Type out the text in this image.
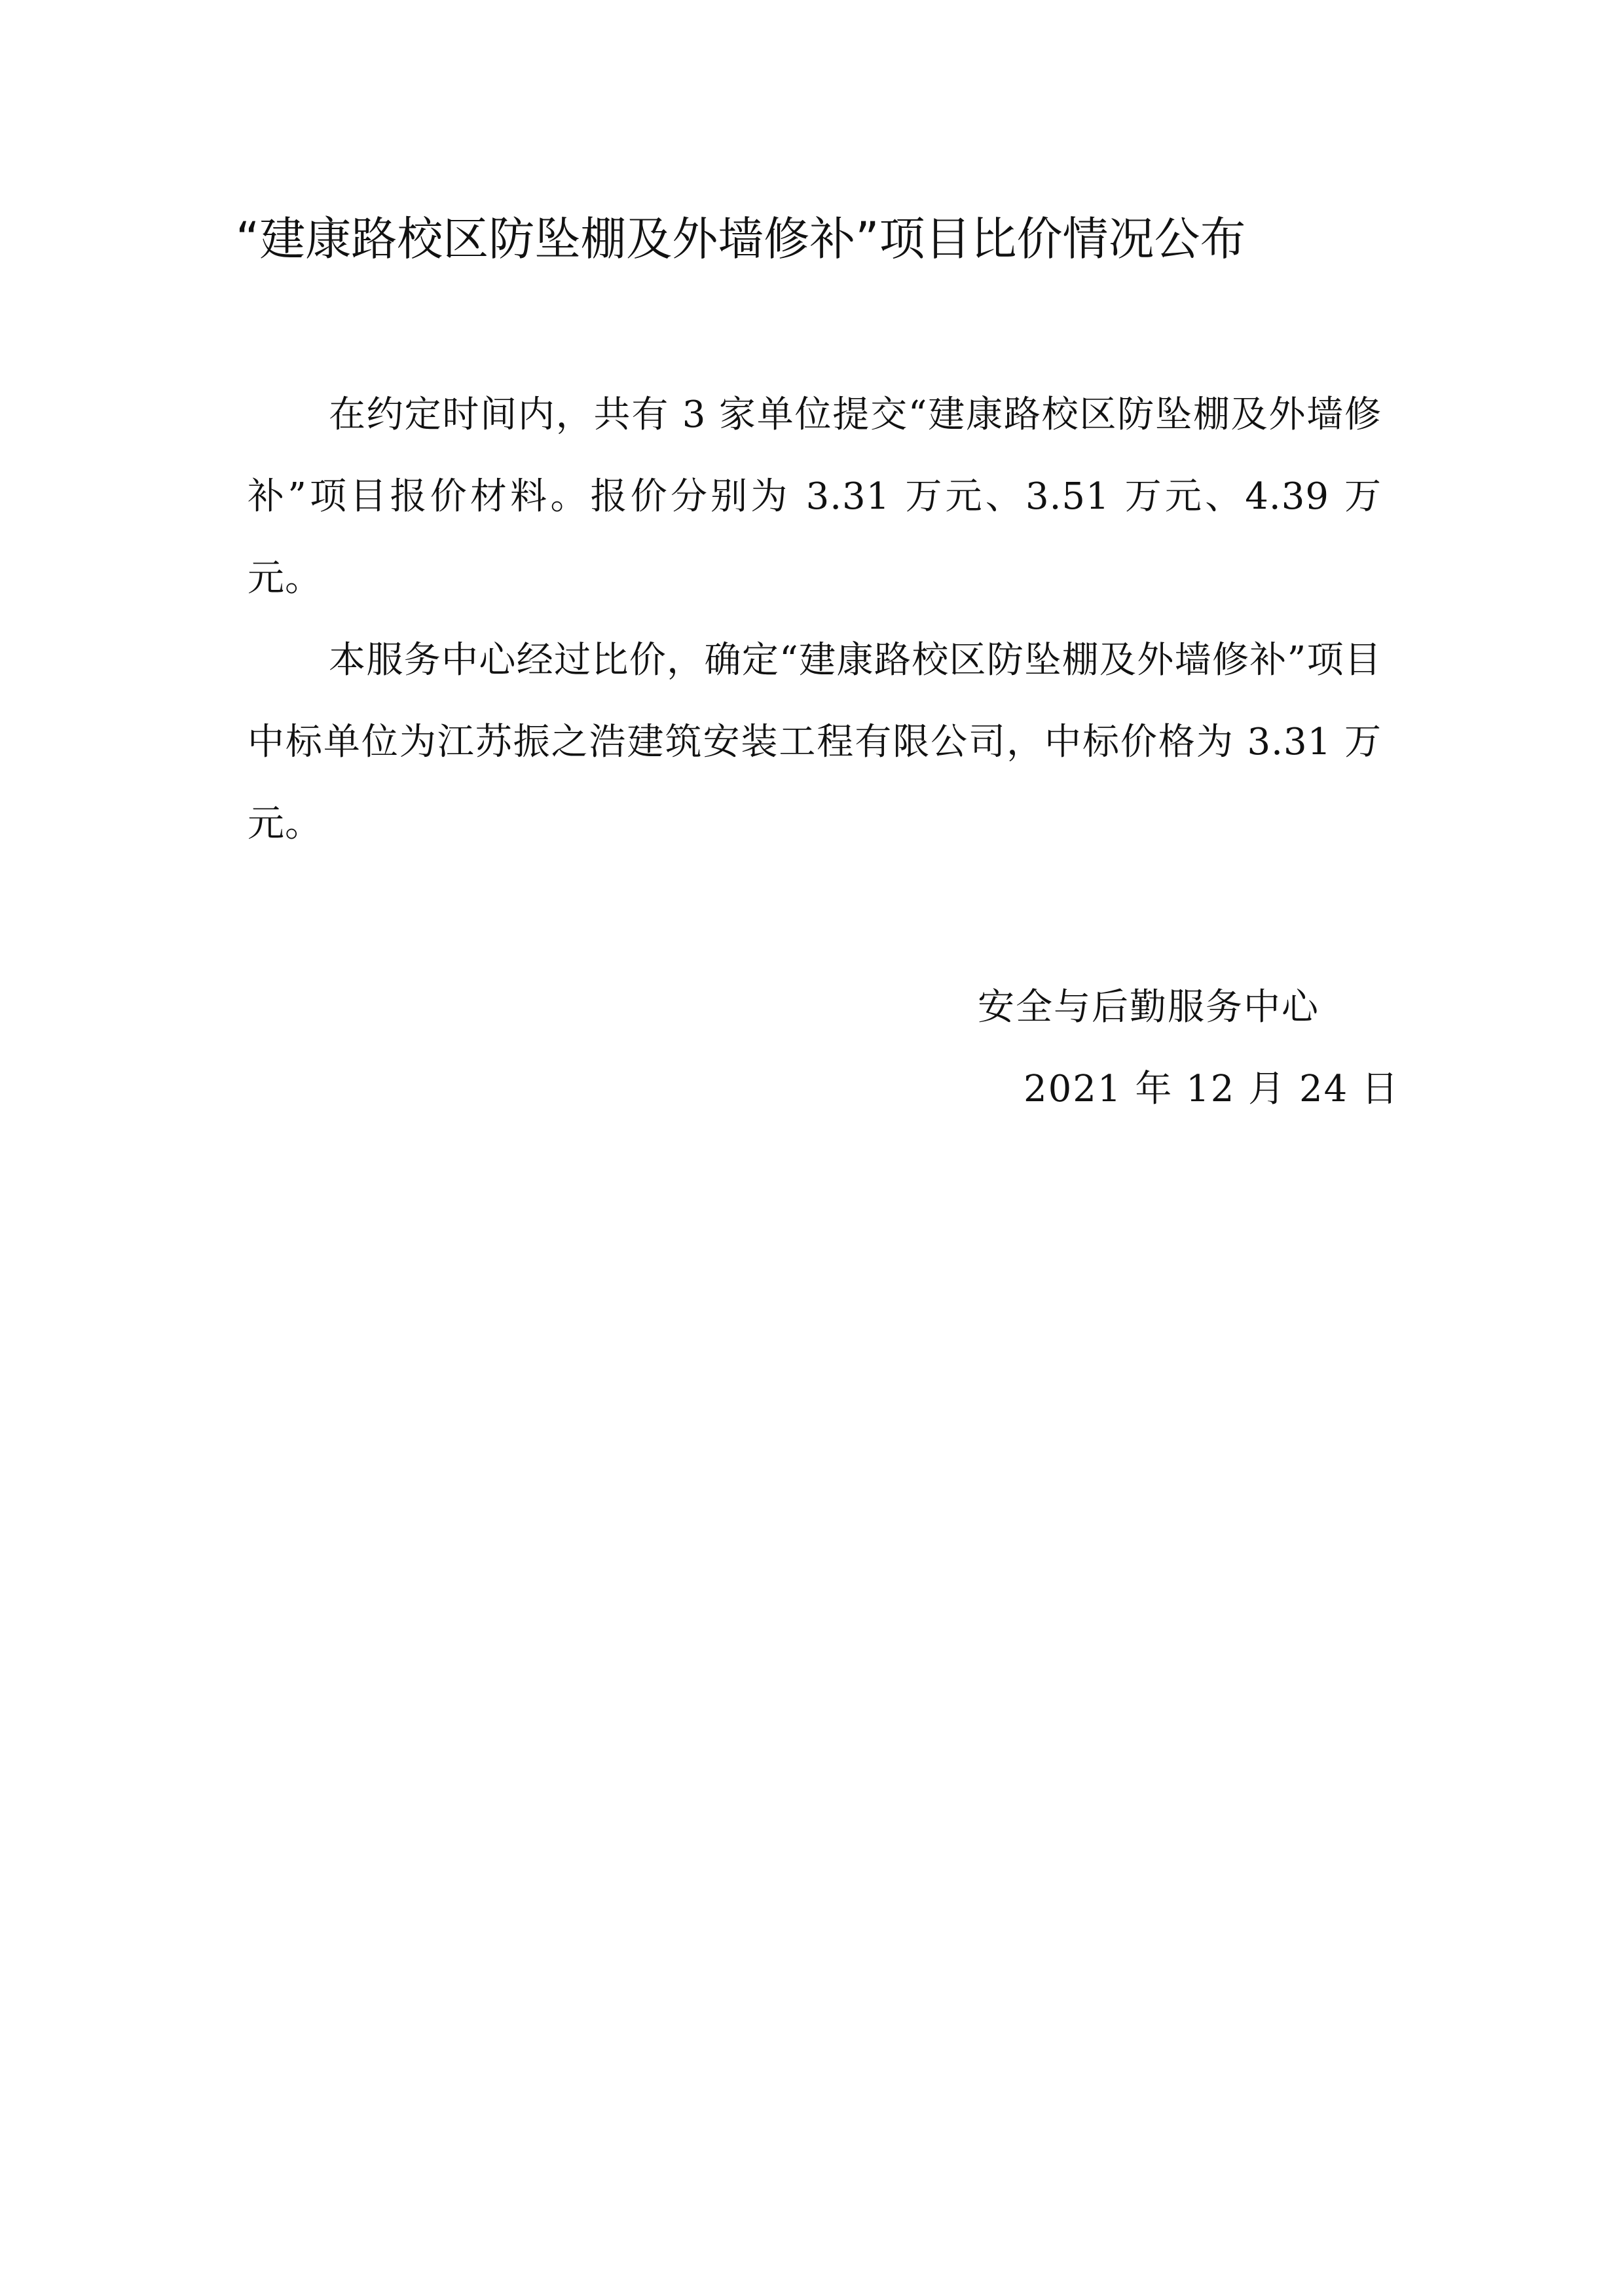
“建康路校区防坠棚及外墙修补”项目比价情况公布

在约定时间内，共有 3 家单位提交“建康路校区防坠棚及外墙修补”项目报价材料。报价分别为 3.31 万元、3.51 万元、4.39 万元。

本服务中心经过比价，确定“建康路校区防坠棚及外墙修补”项目中标单位为江苏振之浩建筑安装工程有限公司，中标价格为 3.31 万元。

安全与后勤服务中心

2021 年 12 月 24 日
